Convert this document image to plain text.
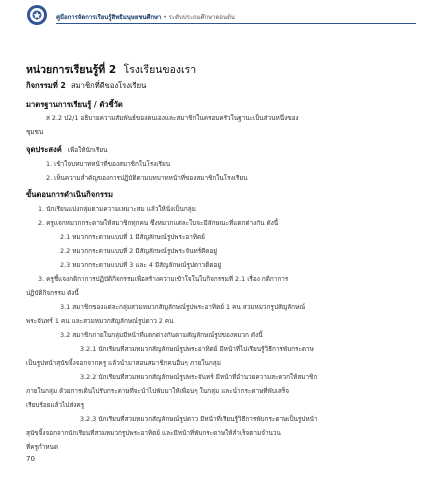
คู่มือการจัดการเรียนรู้สิทธิมนุษยชนศึกษา • ระดับประถมศึกษาตอนต้น
หน่วยการเรียนรู้ที่ 2 โรงเรียนของเรา
กิจกรรมที่ 2 สมาชิกที่ดีของโรงเรียน
มาตรฐานการเรียนรู้ / ตัวชี้วัด
ส 2.2 ป2/1 อธิบายความสัมพันธ์ของตนเองและสมาชิกในครอบครัวในฐานะเป็นส่วนหนึ่งของ
ชุมชน
จุดประสงค์ เพื่อให้นักเรียน
1. เข้าใจบทบาทหน้าที่ของสมาชิกในโรงเรียน
2. เห็นความสำคัญของการปฏิบัติตามบทบาทหน้าที่ของสมาชิกในโรงเรียน
ขั้นตอนการดำเนินกิจกรรม
1. นักเรียนแบ่งกลุ่มตามความเหมาะสม แล้วให้นั่งเป็นกลุ่ม
2. ครูแจกหมวกกระดาษให้สมาชิกทุกคน ซึ่งหมวกแต่ละใบจะมีลักษณะที่แตกต่างกัน ดังนี้
2.1 หมวกกระดาษแบบที่ 1 มีสัญลักษณ์รูปพระอาทิตย์
2.2 หมวกกระดาษแบบที่ 2 มีสัญลักษณ์รูปพระจันทร์ดีดอยู่
2.3 หมวกกระดาษแบบที่ 3 และ 4 มีสัญลักษณ์รูปดาวติดอยู่
3. ครูชี้แจงกติกาการปฏิบัติกิจกรรมเพื่อสร้างความเข้าใจในใบกิจกรรมที่ 2.1 เรื่อง กติกาการ
ปฏิบัติกิจกรรม ดังนี้
3.1 สมาชิกของแต่ละกลุ่มสวมหมวกสัญลักษณ์รูปพระอาทิตย์ 1 คน สวมหมวกรูปสัญลักษณ์
พระจันทร์ 1 คน และสวมหมวกสัญลักษณ์รูปดาว 2 คน
3.2 สมาชิกภายในกลุ่มมีหน้าที่แตกต่างกันตามสัญลักษณ์รูปของหมวก ดังนี้
3.2.1 นักเรียนที่สวมหมวกสัญลักษณ์รูปพระอาทิตย์ มีหน้าที่ไปเรียนรู้วิธีการพับกระดาษ
เป็นรูปหน้าสุนัขจิ้งจอกจากครู แล้วนำมาสอนสมาชิกคนอื่นๆ ภายในกลุ่ม
3.2.2 นักเรียนที่สวมหมวกสัญลักษณ์รูปพระจันทร์ มีหน้าที่อำนวยความสะดวกให้สมาชิก
ภายในกลุ่ม ด้วยการเดินไปรับกระดาษที่จะนำไปพับมาให้เพื่อนๆ ในกลุ่ม และนำกระดาษที่พับเสร็จ
เรียบร้อยแล้วไปส่งครู
3.2.3 นักเรียนที่สวมหมวกสัญลักษณ์รูปดาว มีหน้าที่เรียนรู้วิธีการพับกระดาษเป็นรูปหน้า
สุนัขจิ้งจอกจากนักเรียนที่สวมหมวกรูปพระอาทิตย์ และมีหน้าที่พับกระดาษให้สำเร็จตามจำนวน
ที่ครูกำหนด
70
